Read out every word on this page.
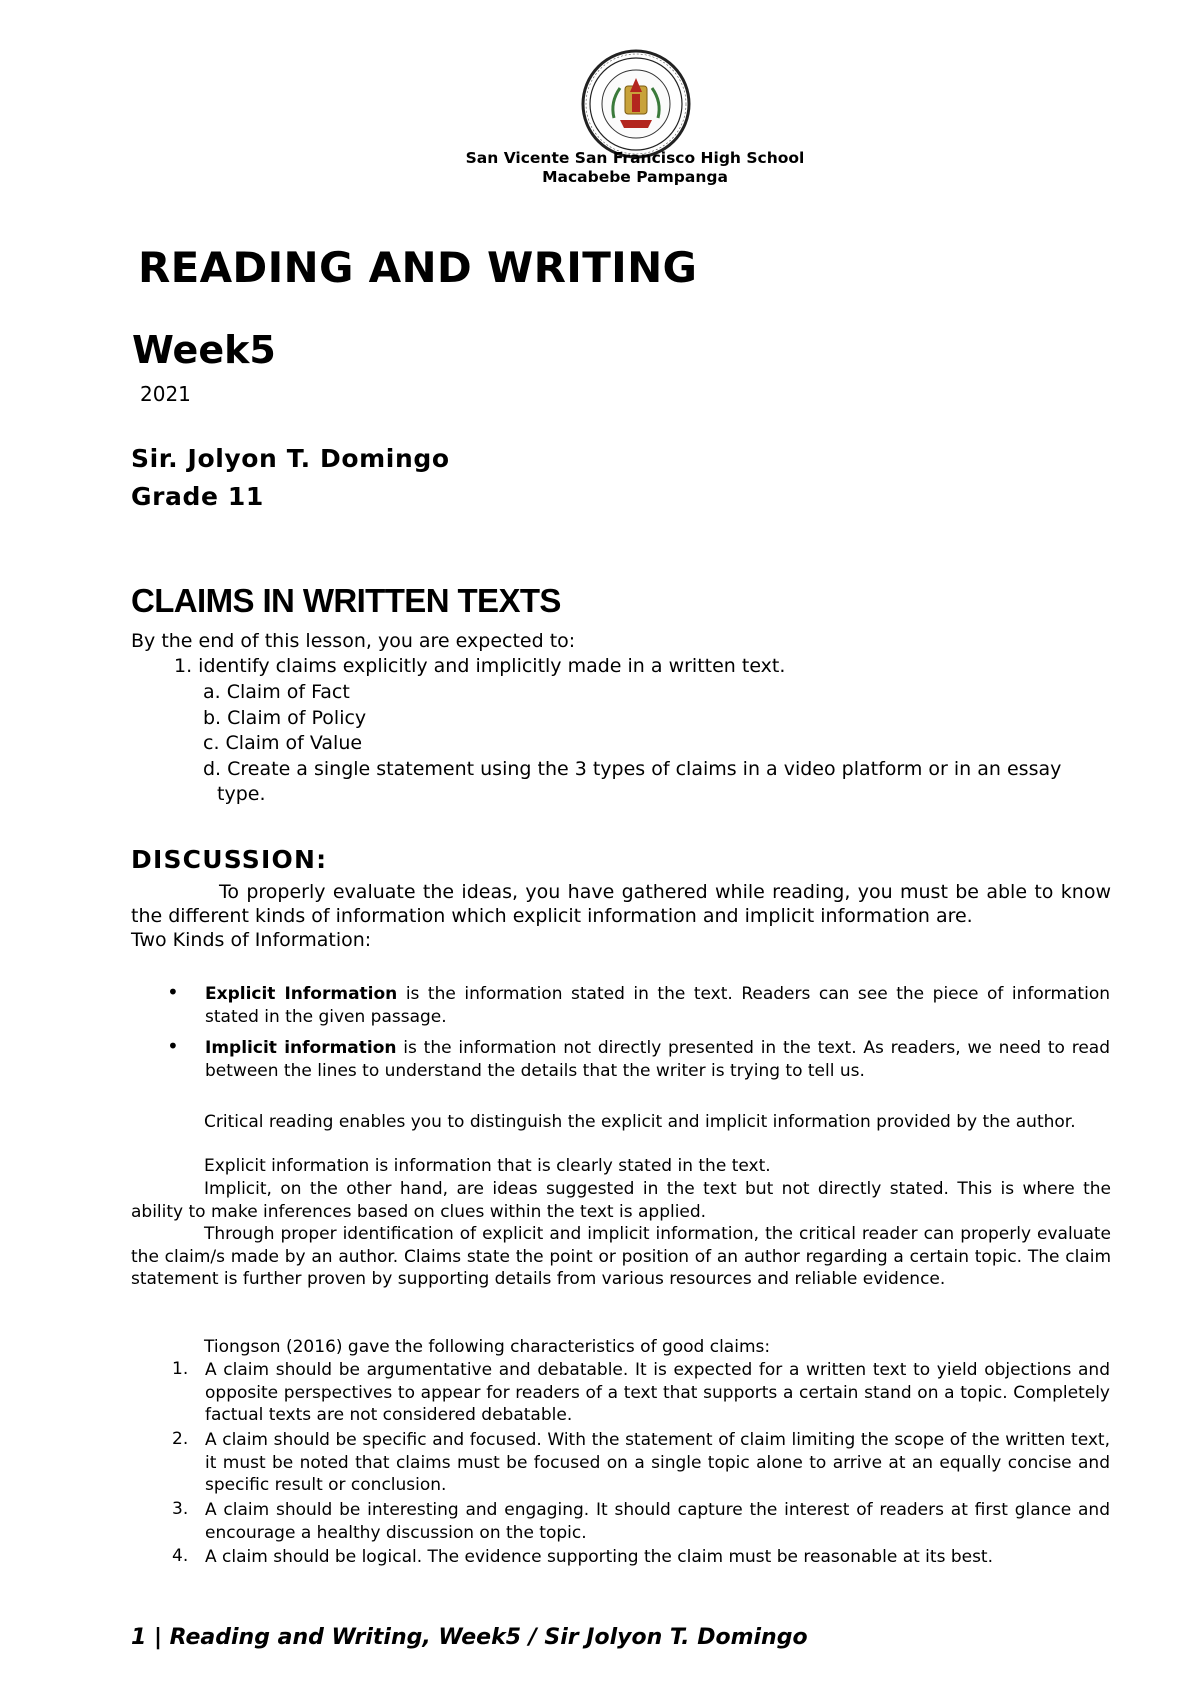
San Vicente San Francisco High School
Macabebe Pampanga
READING AND WRITING
Week5
2021
Sir. Jolyon T. Domingo
Grade 11
CLAIMS IN WRITTEN TEXTS
By the end of this lesson, you are expected to:
1. identify claims explicitly and implicitly made in a written text.
a. Claim of Fact
b. Claim of Policy
c. Claim of Value
d. Create a single statement using the 3 types of claims in a video platform or in an essay
type.
DISCUSSION:
To properly evaluate the ideas, you have gathered while reading, you must be able to know the different kinds of information which explicit information and implicit information are.
Two Kinds of Information:
• Explicit Information is the information stated in the text. Readers can see the piece of information stated in the given passage.
• Implicit information is the information not directly presented in the text. As readers, we need to read between the lines to understand the details that the writer is trying to tell us.
Critical reading enables you to distinguish the explicit and implicit information provided by the author.
Explicit information is information that is clearly stated in the text.
Implicit, on the other hand, are ideas suggested in the text but not directly stated. This is where the ability to make inferences based on clues within the text is applied.
Through proper identification of explicit and implicit information, the critical reader can properly evaluate the claim/s made by an author. Claims state the point or position of an author regarding a certain topic. The claim statement is further proven by supporting details from various resources and reliable evidence.
Tiongson (2016) gave the following characteristics of good claims:
1. A claim should be argumentative and debatable. It is expected for a written text to yield objections and opposite perspectives to appear for readers of a text that supports a certain stand on a topic. Completely factual texts are not considered debatable.
2. A claim should be specific and focused. With the statement of claim limiting the scope of the written text, it must be noted that claims must be focused on a single topic alone to arrive at an equally concise and specific result or conclusion.
3. A claim should be interesting and engaging. It should capture the interest of readers at first glance and encourage a healthy discussion on the topic.
4. A claim should be logical. The evidence supporting the claim must be reasonable at its best.
1 | Reading and Writing, Week5 / Sir Jolyon T. Domingo
